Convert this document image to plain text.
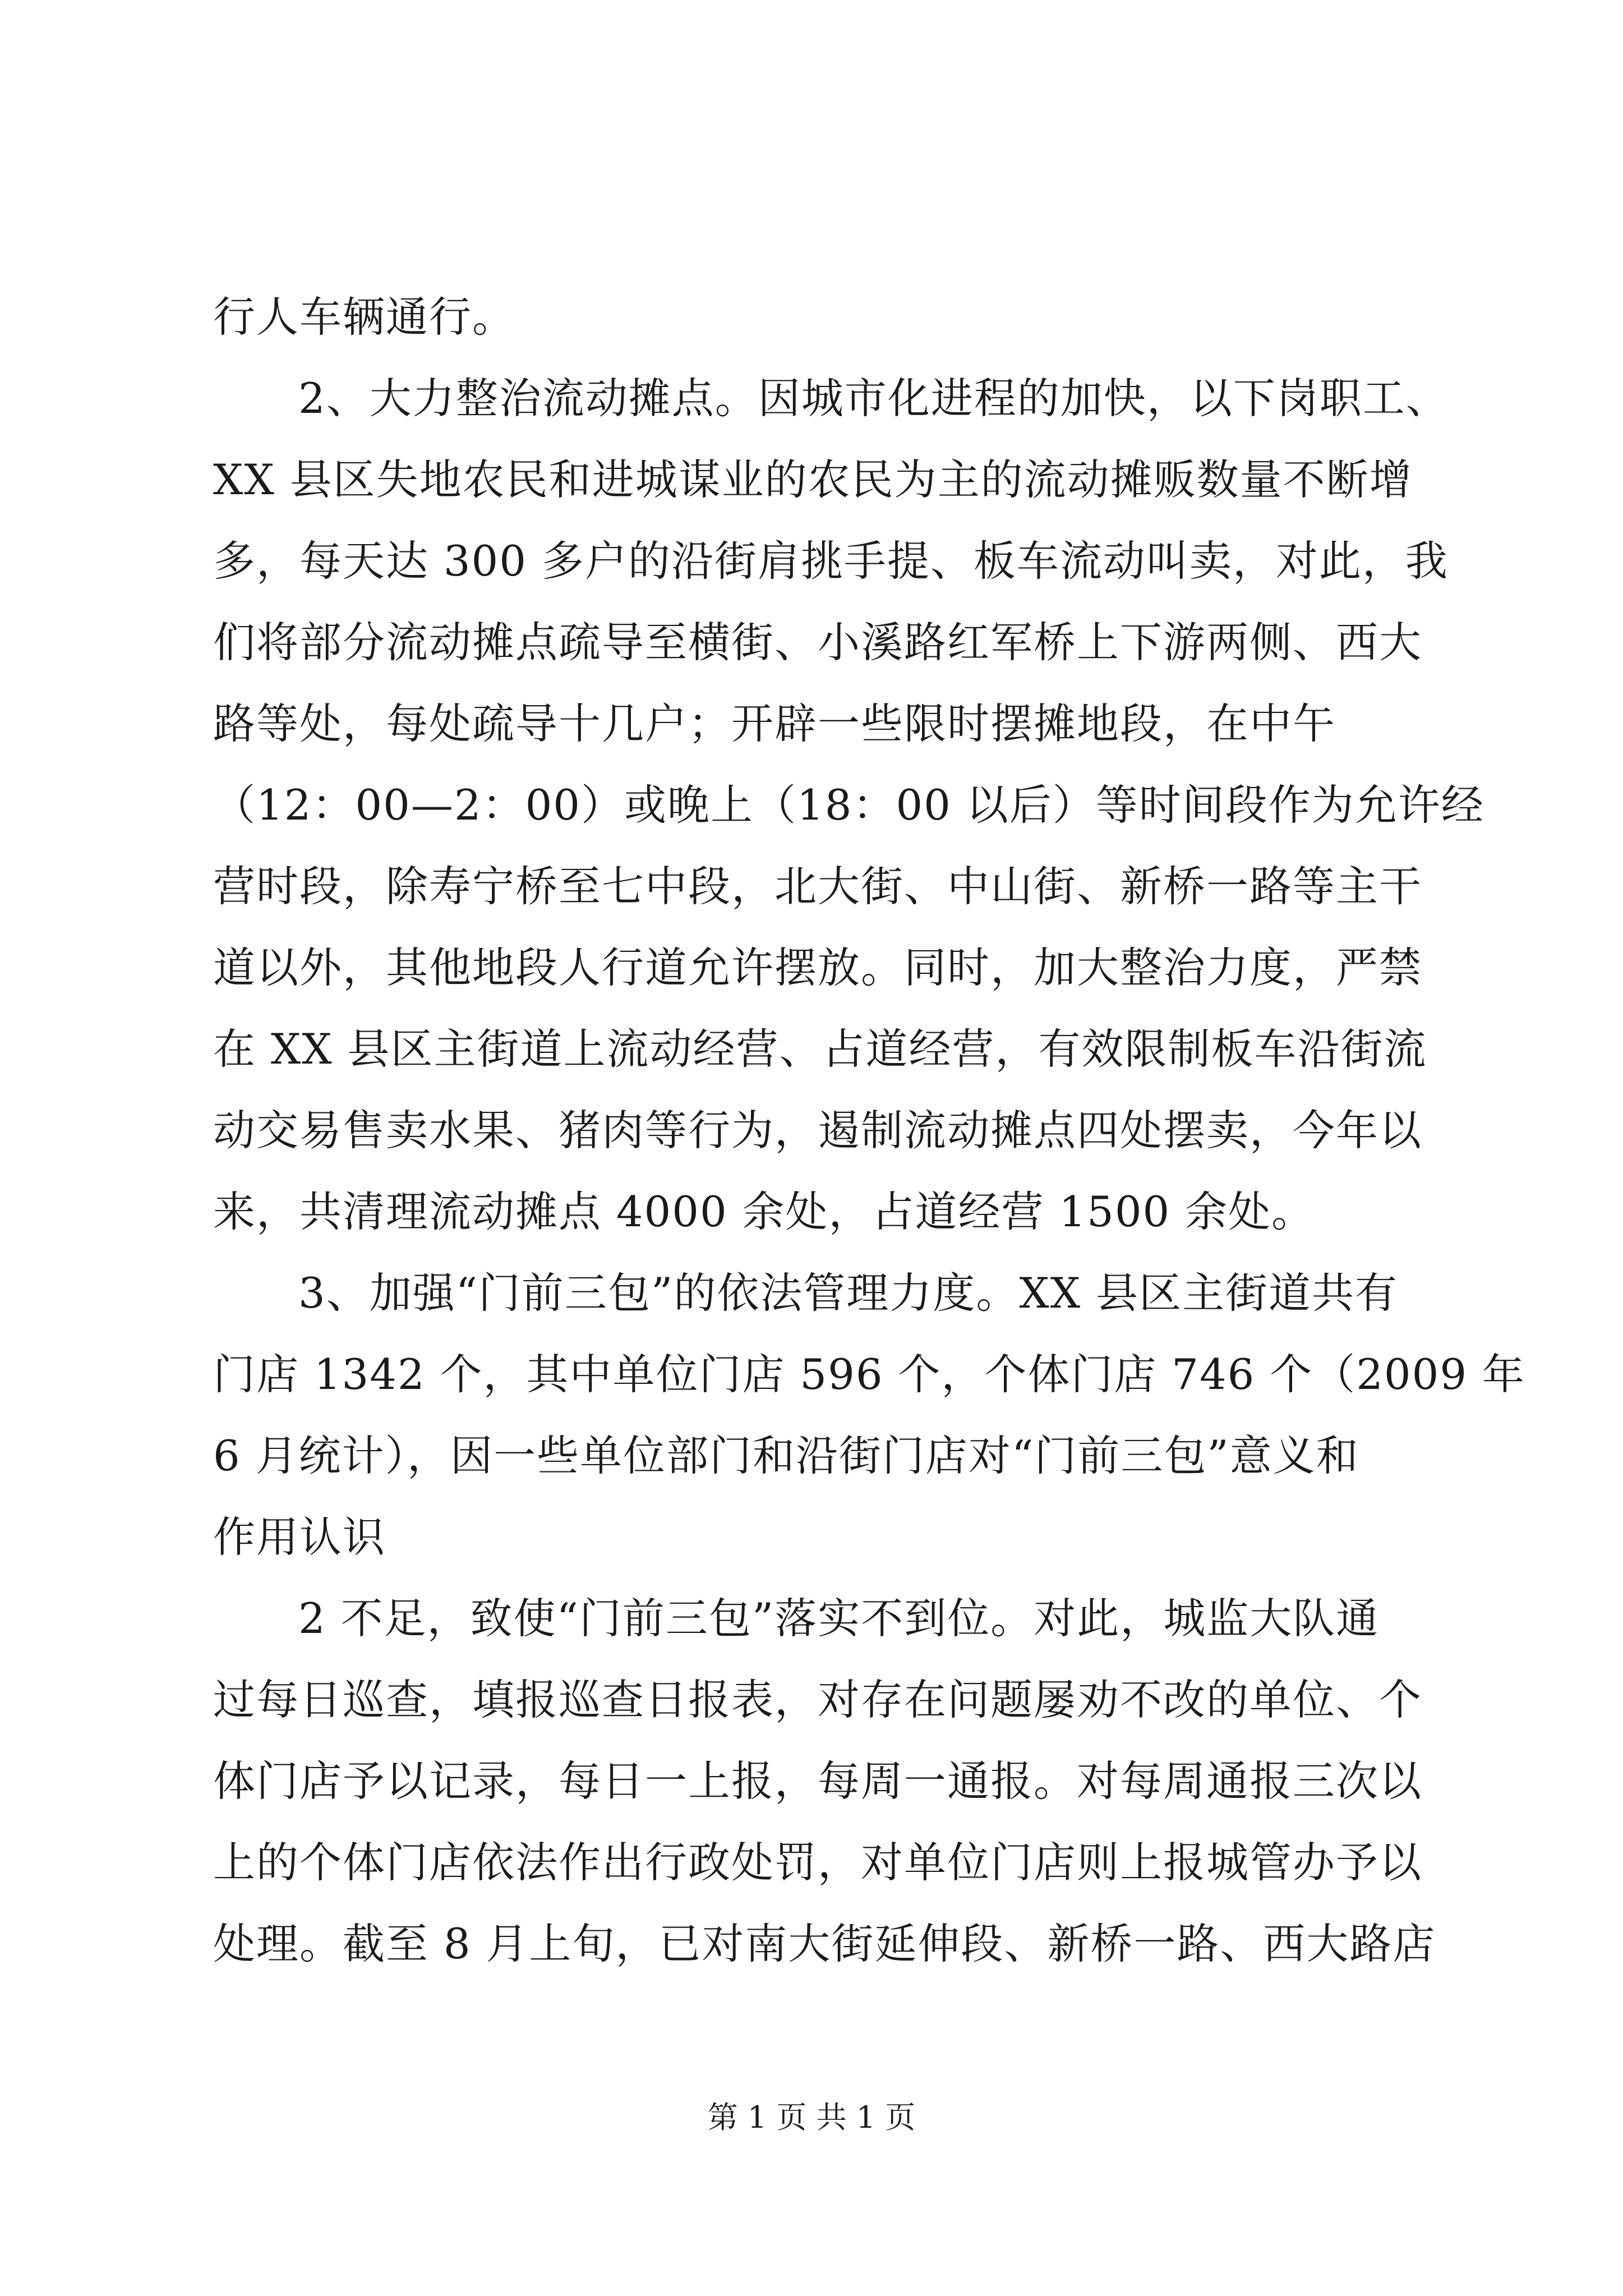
行人车辆通行。
2、大力整治流动摊点。因城市化进程的加快，以下岗职工、
XX 县区失地农民和进城谋业的农民为主的流动摊贩数量不断增
多，每天达 300 多户的沿街肩挑手提、板车流动叫卖，对此，我
们将部分流动摊点疏导至横街、小溪路红军桥上下游两侧、西大
路等处，每处疏导十几户；开辟一些限时摆摊地段，在中午
（12：00—2：00）或晚上（18：00 以后）等时间段作为允许经
营时段，除寿宁桥至七中段，北大街、中山街、新桥一路等主干
道以外，其他地段人行道允许摆放。同时，加大整治力度，严禁
在 XX 县区主街道上流动经营、占道经营，有效限制板车沿街流
动交易售卖水果、猪肉等行为，遏制流动摊点四处摆卖，今年以
来，共清理流动摊点 4000 余处，占道经营 1500 余处。
3、加强“门前三包”的依法管理力度。XX 县区主街道共有
门店 1342 个，其中单位门店 596 个，个体门店 746 个（2009 年
6 月统计），因一些单位部门和沿街门店对“门前三包”意义和
作用认识
2 不足，致使“门前三包”落实不到位。对此，城监大队通
过每日巡查，填报巡查日报表，对存在问题屡劝不改的单位、个
体门店予以记录，每日一上报，每周一通报。对每周通报三次以
上的个体门店依法作出行政处罚，对单位门店则上报城管办予以
处理。截至 8 月上旬，已对南大街延伸段、新桥一路、西大路店
第 1 页 共 1 页
